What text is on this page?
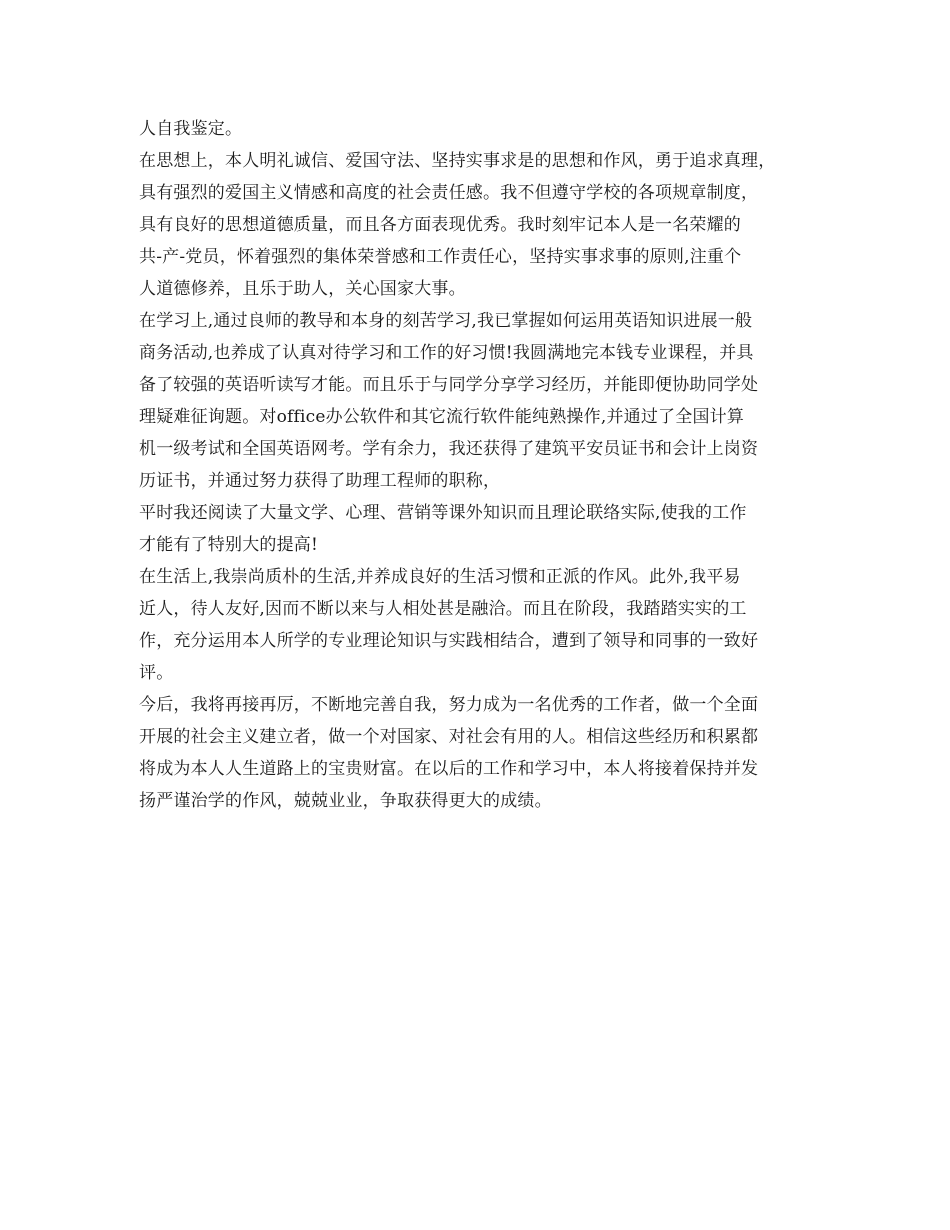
人自我鉴定。
在思想上，本人明礼诚信、爱国守法、坚持实事求是的思想和作风，勇于追求真理，
具有强烈的爱国主义情感和高度的社会责任感。我不但遵守学校的各项规章制度，
具有良好的思想道德质量，而且各方面表现优秀。我时刻牢记本人是一名荣耀的
共-产-党员，怀着强烈的集体荣誉感和工作责任心，坚持实事求事的原则,注重个
人道德修养，且乐于助人，关心国家大事。
在学习上,通过良师的教导和本身的刻苦学习,我已掌握如何运用英语知识进展一般
商务活动,也养成了认真对待学习和工作的好习惯!我圆满地完本钱专业课程，并具
备了较强的英语听读写才能。而且乐于与同学分享学习经历，并能即便协助同学处
理疑难征询题。对office办公软件和其它流行软件能纯熟操作,并通过了全国计算
机一级考试和全国英语网考。学有余力，我还获得了建筑平安员证书和会计上岗资
历证书，并通过努力获得了助理工程师的职称，
平时我还阅读了大量文学、心理、营销等课外知识而且理论联络实际,使我的工作
才能有了特别大的提高!
在生活上,我崇尚质朴的生活,并养成良好的生活习惯和正派的作风。此外,我平易
近人，待人友好,因而不断以来与人相处甚是融洽。而且在阶段，我踏踏实实的工
作，充分运用本人所学的专业理论知识与实践相结合，遭到了领导和同事的一致好
评。
今后，我将再接再厉，不断地完善自我，努力成为一名优秀的工作者，做一个全面
开展的社会主义建立者，做一个对国家、对社会有用的人。相信这些经历和积累都
将成为本人人生道路上的宝贵财富。在以后的工作和学习中，本人将接着保持并发
扬严谨治学的作风，兢兢业业，争取获得更大的成绩。
